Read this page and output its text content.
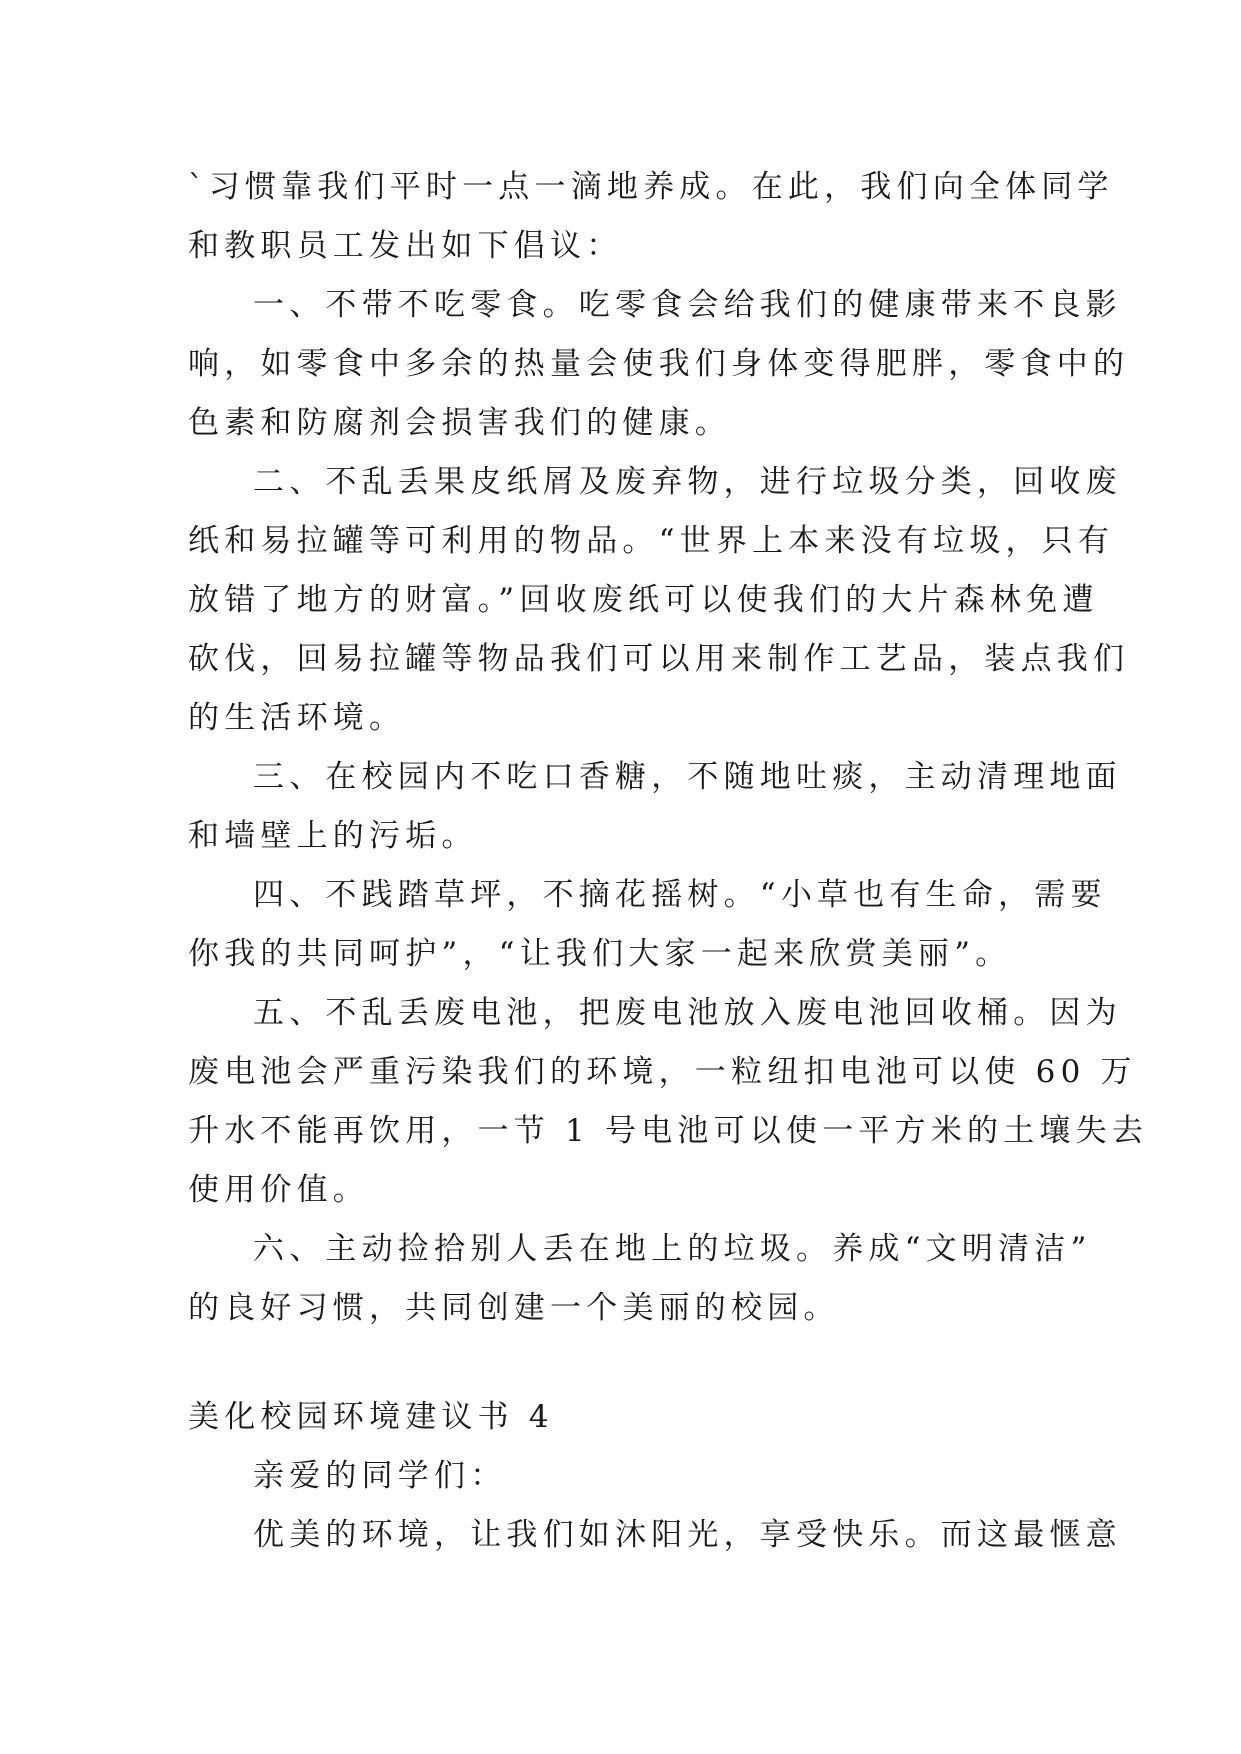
`习惯靠我们平时一点一滴地养成。在此，我们向全体同学
和教职员工发出如下倡议：
一、不带不吃零食。吃零食会给我们的健康带来不良影
响，如零食中多余的热量会使我们身体变得肥胖，零食中的
色素和防腐剂会损害我们的健康。
二、不乱丢果皮纸屑及废弃物，进行垃圾分类，回收废
纸和易拉罐等可利用的物品。“世界上本来没有垃圾，只有
放错了地方的财富。”回收废纸可以使我们的大片森林免遭
砍伐，回易拉罐等物品我们可以用来制作工艺品，装点我们
的生活环境。
三、在校园内不吃口香糖，不随地吐痰，主动清理地面
和墙壁上的污垢。
四、不践踏草坪，不摘花摇树。“小草也有生命，需要
你我的共同呵护”，“让我们大家一起来欣赏美丽”。
五、不乱丢废电池，把废电池放入废电池回收桶。因为
废电池会严重污染我们的环境，一粒纽扣电池可以使 60 万
升水不能再饮用，一节 1 号电池可以使一平方米的土壤失去
使用价值。
六、主动捡拾别人丢在地上的垃圾。养成“文明清洁”
的良好习惯，共同创建一个美丽的校园。
美化校园环境建议书 4
亲爱的同学们：
优美的环境，让我们如沐阳光，享受快乐。而这最惬意
